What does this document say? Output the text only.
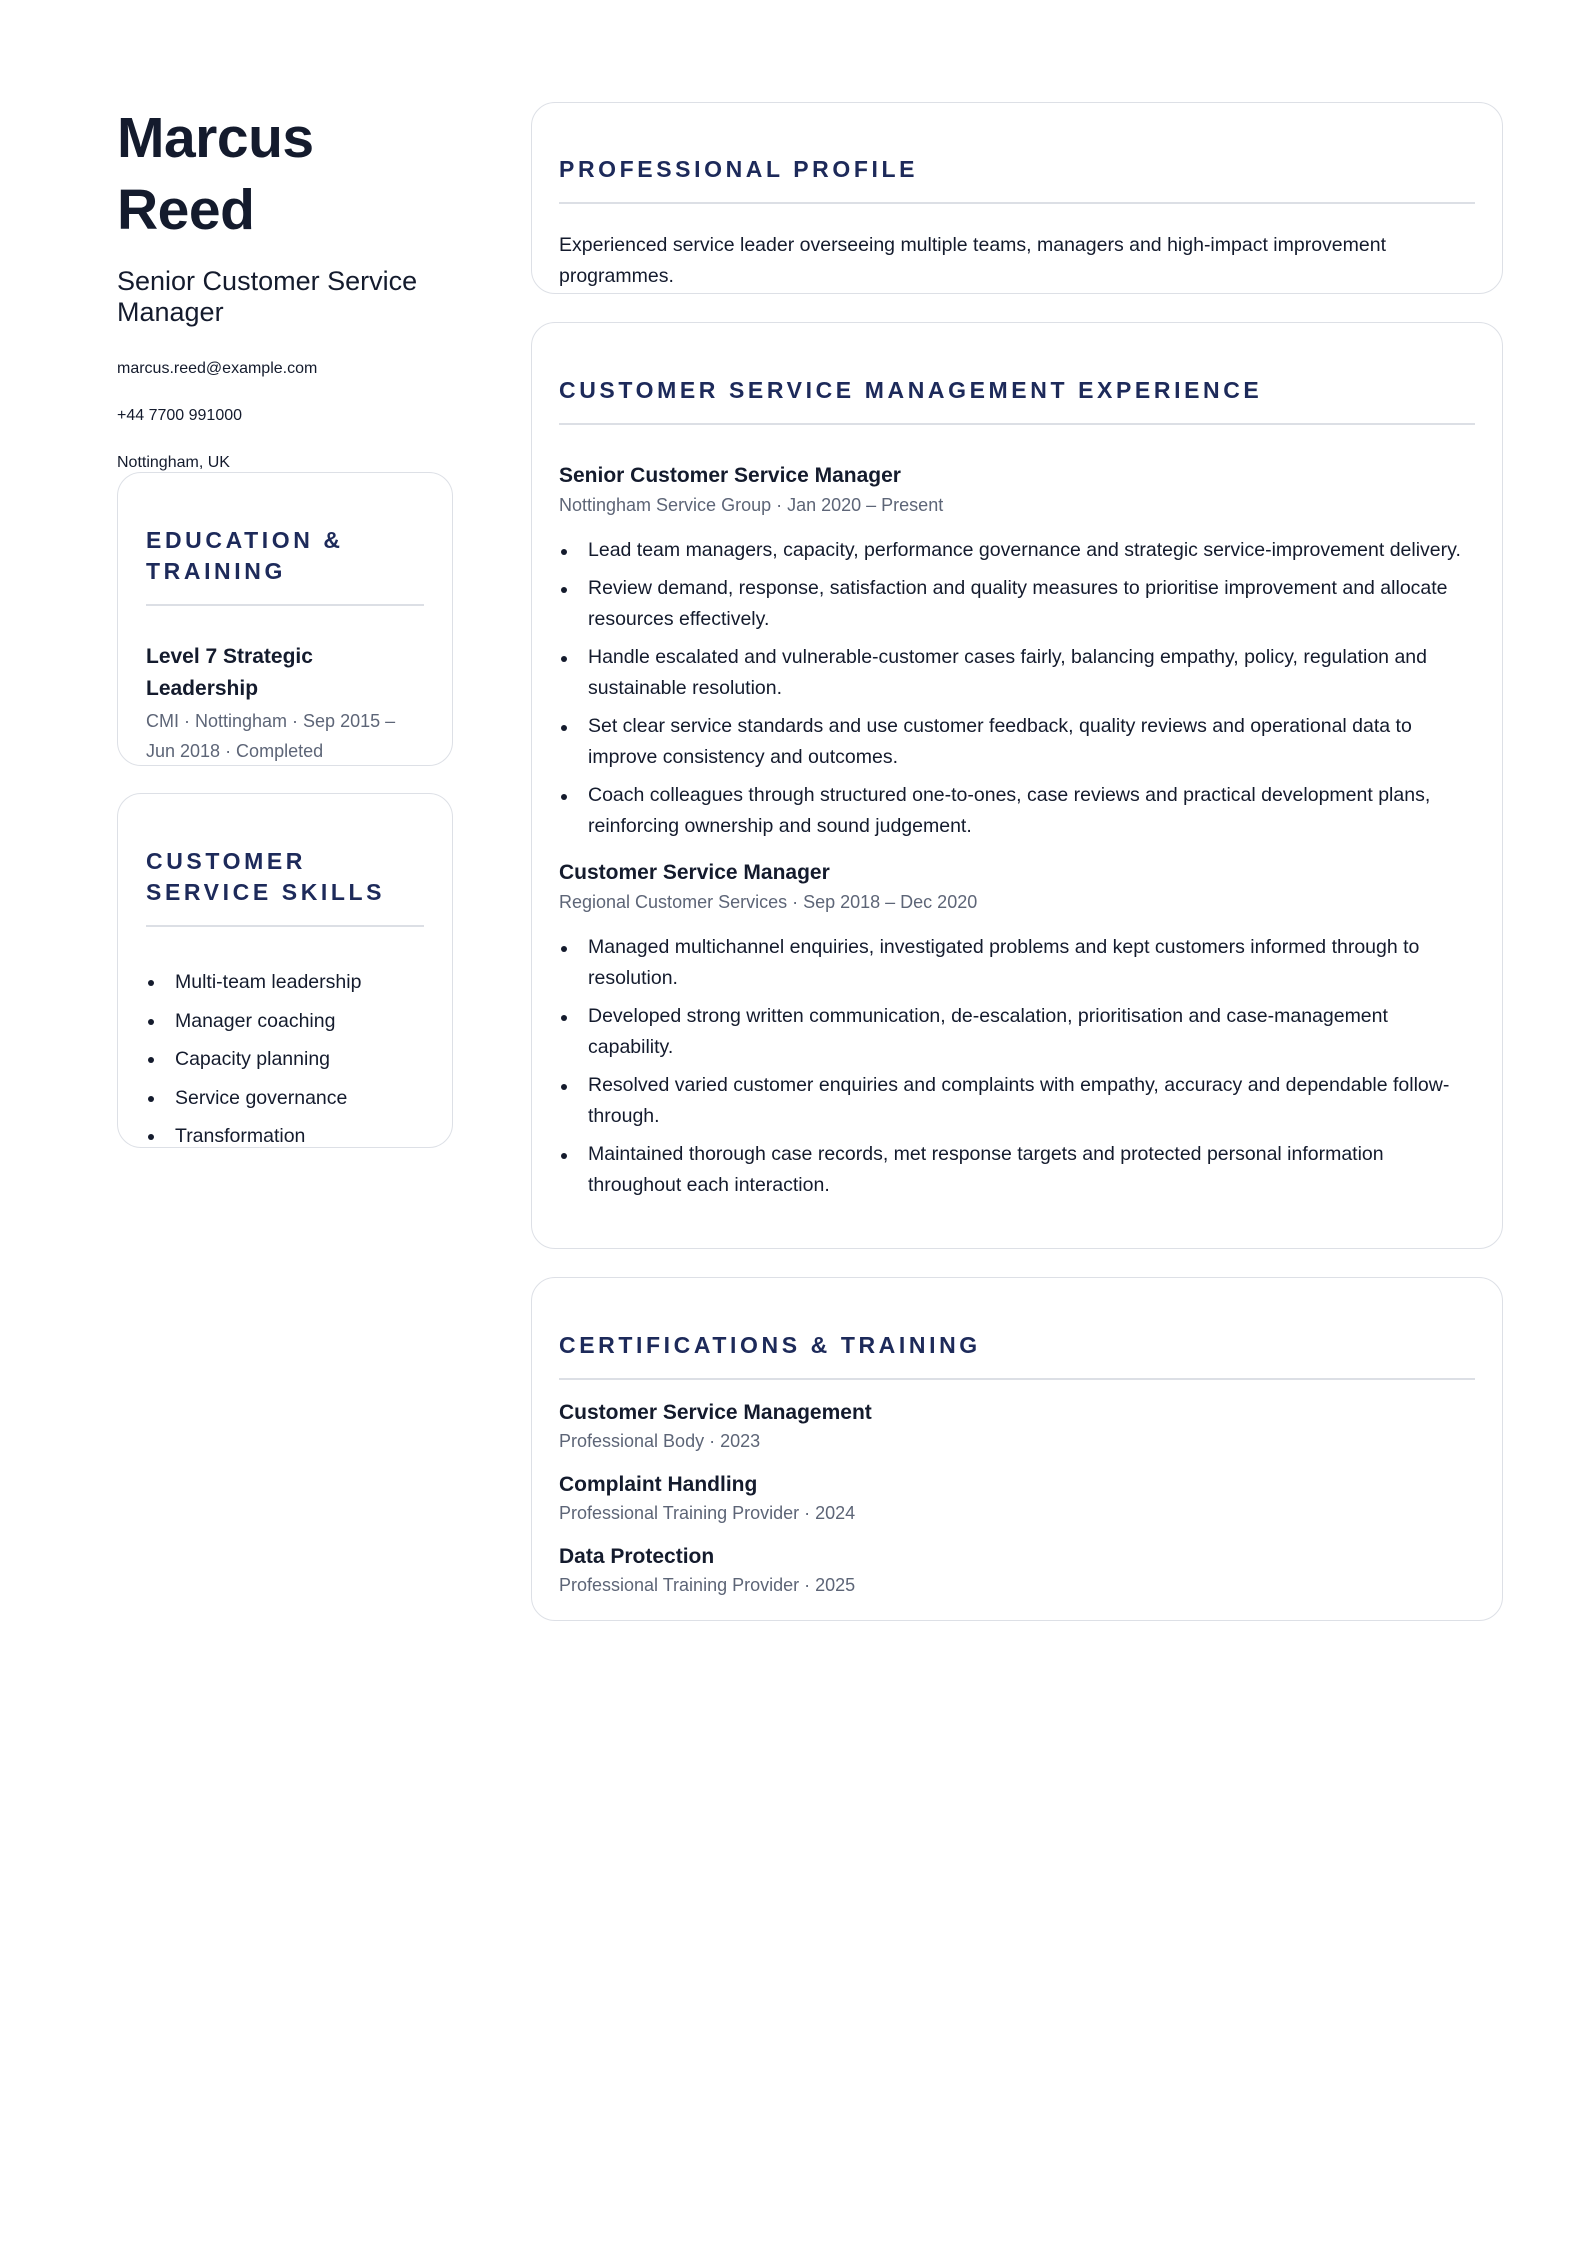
Marcus Reed
Senior Customer Service Manager
marcus.reed@example.com
+44 7700 991000
Nottingham, UK
EDUCATION & TRAINING
Level 7 Strategic Leadership
CMI · Nottingham · Sep 2015 – Jun 2018 · Completed
CUSTOMER SERVICE SKILLS
Multi-team leadership
Manager coaching
Capacity planning
Service governance
Transformation
PROFESSIONAL PROFILE
Experienced service leader overseeing multiple teams, managers and high-impact improvement programmes.
CUSTOMER SERVICE MANAGEMENT EXPERIENCE
Senior Customer Service Manager
Nottingham Service Group · Jan 2020 – Present
Lead team managers, capacity, performance governance and strategic service-improvement delivery.
Review demand, response, satisfaction and quality measures to prioritise improvement and allocate resources effectively.
Handle escalated and vulnerable-customer cases fairly, balancing empathy, policy, regulation and sustainable resolution.
Set clear service standards and use customer feedback, quality reviews and operational data to improve consistency and outcomes.
Coach colleagues through structured one-to-ones, case reviews and practical development plans, reinforcing ownership and sound judgement.
Customer Service Manager
Regional Customer Services · Sep 2018 – Dec 2020
Managed multichannel enquiries, investigated problems and kept customers informed through to resolution.
Developed strong written communication, de-escalation, prioritisation and case-management capability.
Resolved varied customer enquiries and complaints with empathy, accuracy and dependable follow-through.
Maintained thorough case records, met response targets and protected personal information throughout each interaction.
CERTIFICATIONS & TRAINING
Customer Service Management
Professional Body · 2023
Complaint Handling
Professional Training Provider · 2024
Data Protection
Professional Training Provider · 2025
